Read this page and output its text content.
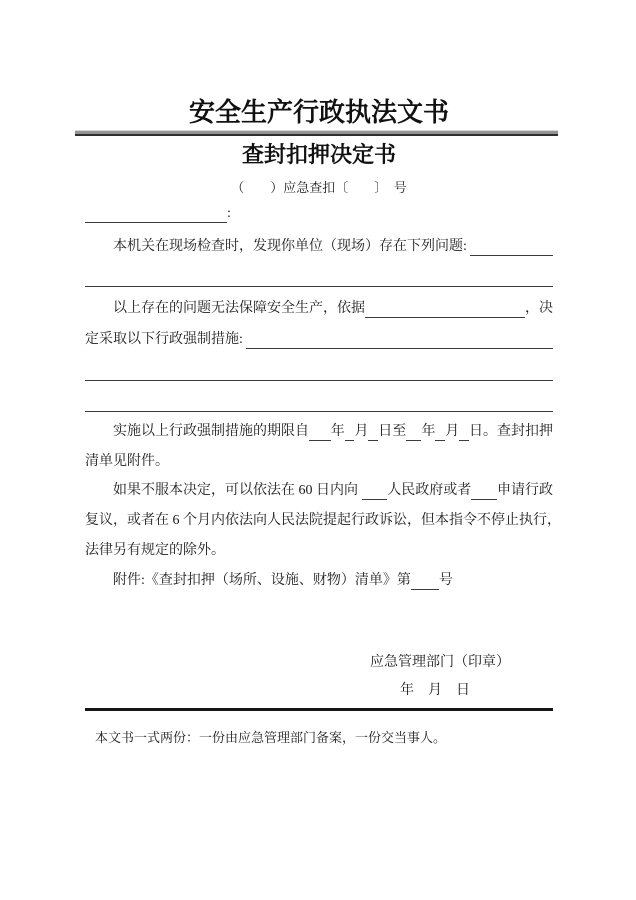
安全生产行政执法文书
查封扣押决定书
（　　）应急查扣〔　　〕　号
:
本机关在现场检查时，发现你单位（现场）存在下列问题:
以上存在的问题无法保障安全生产，依据	，决
定采取以下行政强制措施:
实施以上行政强制措施的期限自 年 月 日至 年 月 日。查封扣押
清单见附件。
如果不服本决定，可以依法在 60 日内向 人民政府或者 申请行政
复议，或者在 6 个月内依法向 人民法院提起行政诉讼，但本指令不停止执行，
法律另有规定的除外。
附件:《查封扣押（场所、设施、财物）清单》第 号
应急管理部门（印章）
年　月　日
本文书一式两份：一份由应急管理部门备案，一份交当事人。
